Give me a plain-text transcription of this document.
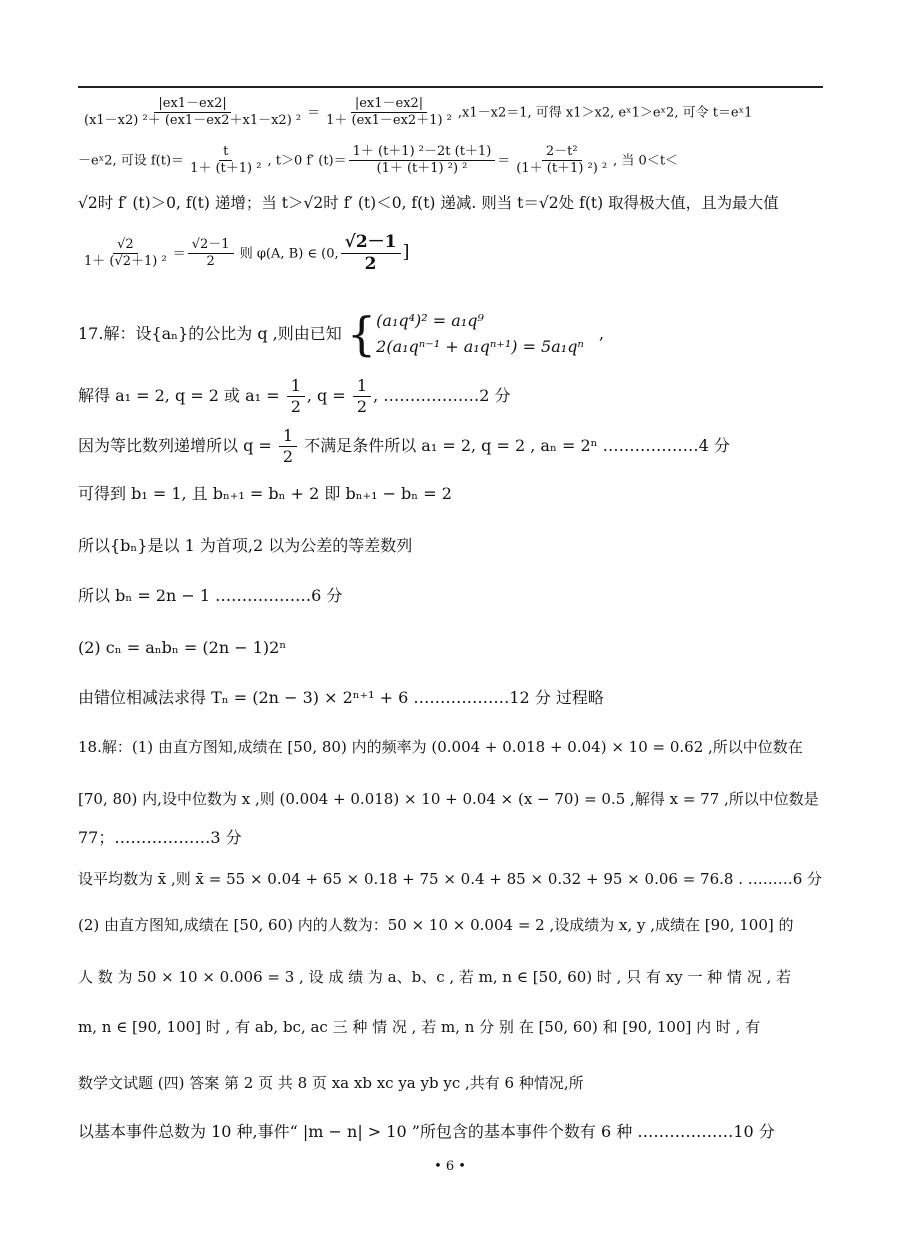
$\frac{|ex1-ex2|}{\text{(x1－x2) ²＋ (ex1－ex2＋x1－x2) ²}} = \frac{|ex1-ex2|}{\text{1＋ (ex1－ex2＋1) ²}} ,x1-x2=1$, 可得 x1＞x2, eˣ1＞eˣ2, 可令 t＝eˣ1
－eˣ2, 可设 $f(t)= \frac{t}{\text{1＋ (t＋1) ²}}$ , t＞0 f′ $(t)= \frac{\text{1＋ (t＋1) ²－2t (t＋1)}}{\text{(1＋ (t＋1) ²) ²}} = \frac{\text{2－t²}}{\text{(1＋ (t＋1) ²) ²}}$ , 当 0＜t＜
√2时 f′ (t)＞0, f(t) 递增；当 t＞√2时 f′ (t)＜0, f(t) 递减. 则当 t＝√2处 f(t) 取得极大值，且为最大值
$\frac{√2}{\text{1＋ (√2＋1) ²}} = \frac{√2-1}{2}$ 则 φ(A, B) ∈ (0, $\frac{√2-1}{2}$ ]
17.解：设{aₙ}的公比为 q ,则由已知 { (a₁q⁴)² = a₁q⁹
2(a₁qⁿ⁻¹ + a₁qⁿ⁺¹) = 5a₁qⁿ
,
解得 a₁ = 2, q = 2 或 $a_1 = \frac{1}{2}$ , $q = \frac{1}{2}$ , ………………2 分
因为等比数列递增所以 $q = \frac{1}{2}$ 不满足条件所以 a₁ = 2, q = 2 , aₙ = 2ⁿ ………………4 分
可得到 b₁ = 1, 且 bₙ₊₁ = bₙ + 2 即 bₙ₊₁ − bₙ = 2
所以{bₙ}是以 1 为首项,2 以为公差的等差数列
所以 bₙ = 2n − 1 ………………6 分
(2) cₙ = aₙbₙ = (2n − 1)2ⁿ
由错位相减法求得 Tₙ = (2n − 3) × 2ⁿ⁺¹ + 6 ………………12 分 过程略
18.解：(1) 由直方图知,成绩在 [50, 80) 内的频率为 (0.004 + 0.018 + 0.04) × 10 = 0.62 ,所以中位数在
[70, 80) 内,设中位数为 x ,则 (0.004 + 0.018) × 10 + 0.04 × (x − 70) = 0.5 ,解得 x = 77 ,所以中位数是
77；………………3 分
设平均数为 x̄ ,则 x̄ = 55 × 0.04 + 65 × 0.18 + 75 × 0.4 + 85 × 0.32 + 95 × 0.06 = 76.8 . ………6 分
(2) 由直方图知,成绩在 [50, 60) 内的人数为：50 × 10 × 0.004 = 2 ,设成绩为 x, y ,成绩在 [90, 100] 的
人 数 为 50 × 10 × 0.006 = 3 , 设 成 绩 为 a、b、c , 若 m, n ∈ [50, 60) 时 , 只 有 xy 一 种 情 况 , 若
m, n ∈ [90, 100] 时 , 有 ab, bc, ac 三 种 情 况 , 若 m, n 分 别 在 [50, 60) 和 [90, 100] 内 时 , 有
数学文试题 (四) 答案 第 2 页 共 8 页 xa xb xc ya yb yc ,共有 6 种情况,所
以基本事件总数为 10 种,事件“ |m − n| > 10 ”所包含的基本事件个数有 6 种 ………………10 分
• 6 •
